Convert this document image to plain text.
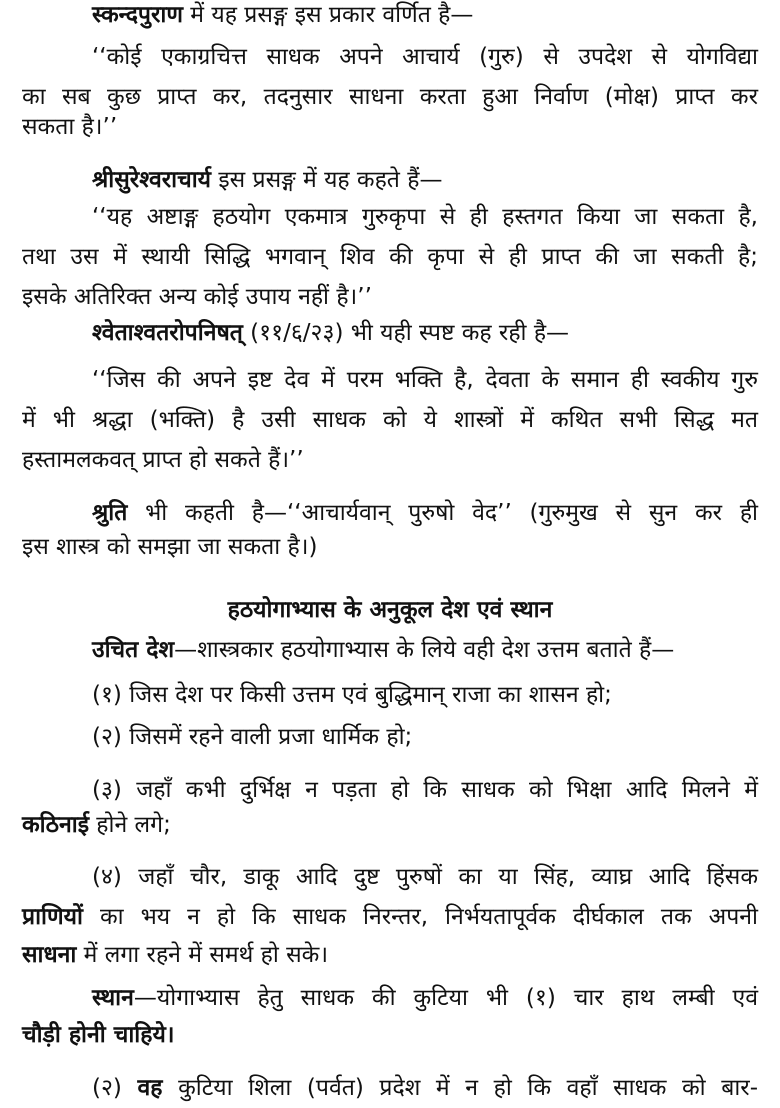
स्कन्दपुराण में यह प्रसङ्ग इस प्रकार वर्णित है—
‘‘कोई एकाग्रचित्त साधक अपने आचार्य (गुरु) से उपदेश से योगविद्या
का सब कुछ प्राप्त कर, तदनुसार साधना करता हुआ निर्वाण (मोक्ष) प्राप्त कर
सकता है।’’
श्रीसुरेश्वराचार्य इस प्रसङ्ग में यह कहते हैं—
‘‘यह अष्टाङ्ग हठयोग एकमात्र गुरुकृपा से ही हस्तगत किया जा सकता है,
तथा उस में स्थायी सिद्धि भगवान् शिव की कृपा से ही प्राप्त की जा सकती है;
इसके अतिरिक्त अन्य कोई उपाय नहीं है।’’
श्वेताश्वतरोपनिषत् (११/६/२३) भी यही स्पष्ट कह रही है—
‘‘जिस की अपने इष्ट देव में परम भक्ति है, देवता के समान ही स्वकीय गुरु
में भी श्रद्धा (भक्ति) है उसी साधक को ये शास्त्रों में कथित सभी सिद्ध मत
हस्तामलकवत् प्राप्त हो सकते हैं।’’
श्रुति भी कहती है—‘‘आचार्यवान् पुरुषो वेद’’ (गुरुमुख से सुन कर ही
इस शास्त्र को समझा जा सकता है।)
हठयोगाभ्यास के अनुकूल देश एवं स्थान
उचित देश—शास्त्रकार हठयोगाभ्यास के लिये वही देश उत्तम बताते हैं—
(१) जिस देश पर किसी उत्तम एवं बुद्धिमान् राजा का शासन हो;
(२) जिसमें रहने वाली प्रजा धार्मिक हो;
(३) जहाँ कभी दुर्भिक्ष न पड़ता हो कि साधक को भिक्षा आदि मिलने में
कठिनाई होने लगे;
(४) जहाँ चौर, डाकू आदि दुष्ट पुरुषों का या सिंह, व्याघ्र आदि हिंसक
प्राणियों का भय न हो कि साधक निरन्तर, निर्भयतापूर्वक दीर्घकाल तक अपनी
साधना में लगा रहने में समर्थ हो सके।
स्थान—योगाभ्यास हेतु साधक की कुटिया भी (१) चार हाथ लम्बी एवं
चौड़ी होनी चाहिये।
(२) वह कुटिया शिला (पर्वत) प्रदेश में न हो कि वहाँ साधक को बार-
